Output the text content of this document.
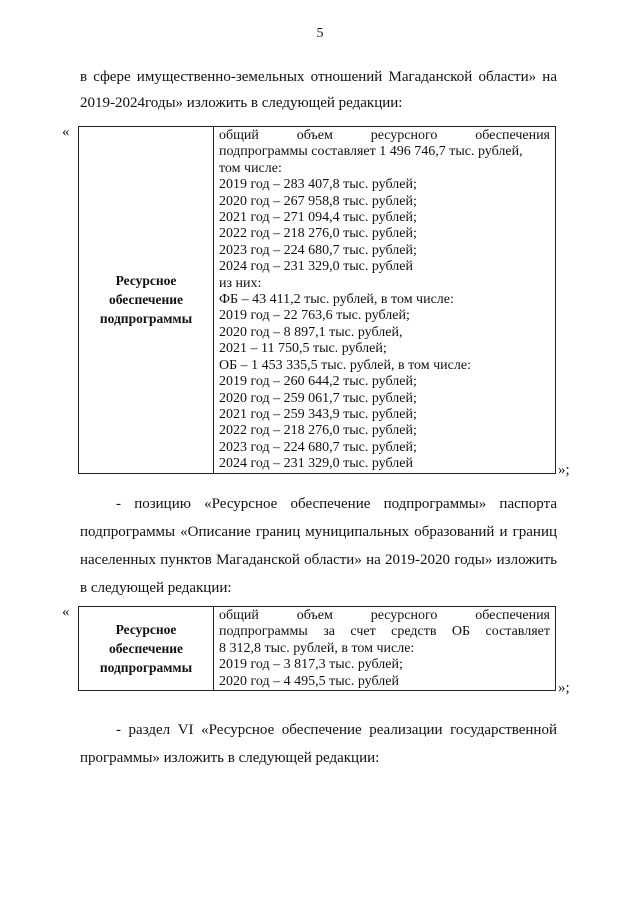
5
в сфере имущественно-земельных отношений Магаданской области» на 2019-2024годы» изложить в следующей редакции:
«
Ресурсное
обеспечение
подпрограммы

общий объем ресурсного обеспечения
подпрограммы составляет 1 496 746,7 тыс. рублей,
том числе:
2019 год – 283 407,8 тыс. рублей;
2020 год – 267 958,8 тыс. рублей;
2021 год – 271 094,4 тыс. рублей;
2022 год – 218 276,0 тыс. рублей;
2023 год – 224 680,7 тыс. рублей;
2024 год – 231 329,0 тыс. рублей
из них:
ФБ – 43 411,2 тыс. рублей, в том числе:
2019 год – 22 763,6 тыс. рублей;
2020 год – 8 897,1 тыс. рублей,
2021 – 11 750,5 тыс. рублей;
ОБ – 1 453 335,5 тыс. рублей, в том числе:
2019 год – 260 644,2 тыс. рублей;
2020 год – 259 061,7 тыс. рублей;
2021 год – 259 343,9 тыс. рублей;
2022 год – 218 276,0 тыс. рублей;
2023 год – 224 680,7 тыс. рублей;
2024 год – 231 329,0 тыс. рублей	»;
- позицию «Ресурсное обеспечение подпрограммы» паспорта подпрограммы «Описание границ муниципальных образований и границ населенных пунктов Магаданской области» на 2019-2020 годы» изложить в следующей редакции:
«
Ресурсное
обеспечение
подпрограммы

общий объем ресурсного обеспечения
подпрограммы за счет средств ОБ составляет
8 312,8 тыс. рублей, в том числе:
2019 год – 3 817,3 тыс. рублей;
2020 год – 4 495,5 тыс. рублей	»;
- раздел VI «Ресурсное обеспечение реализации государственной программы» изложить в следующей редакции:
